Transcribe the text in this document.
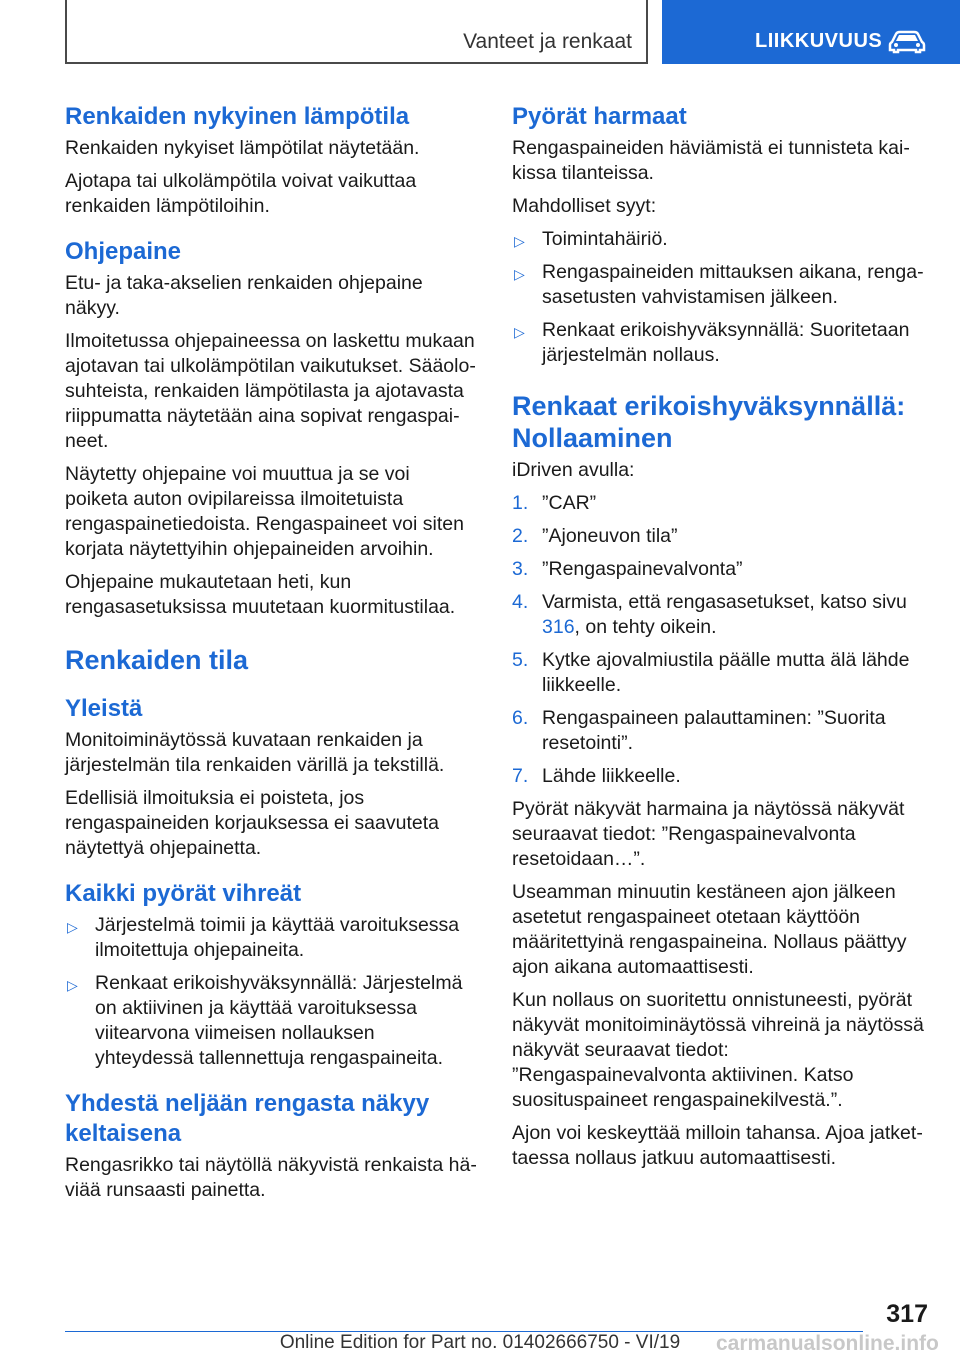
Vanteet ja renkaat	LIIKKUVUUS
Renkaiden nykyinen lämpötila

Renkaiden nykyiset lämpötilat näytetään.

Ajotapa tai ulkolämpötila voivat vaikuttaa renkaiden lämpötiloihin.

Ohjepaine

Etu- ja taka-akselien renkaiden ohjepaine näkyy.

Ilmoitetussa ohjepaineessa on laskettu mukaan ajotavan tai ulkolämpötilan vaikutukset. Sääolosuhteista, renkaiden lämpötilasta ja ajotavasta riippumatta näytetään aina sopivat rengaspaineet.

Näytetty ohjepaine voi muuttua ja se voi poiketa auton ovipilareissa ilmoitetuista rengaspainetiedoista. Rengaspaineet voi siten korjata näytettyihin ohjepaineiden arvoihin.

Ohjepaine mukautetaan heti, kun rengasasetuksissa muutetaan kuormitustilaa.

Renkaiden tila
Yleistä

Monitoiminäytössä kuvataan renkaiden ja järjestelmän tila renkaiden värillä ja tekstillä.

Edellisiä ilmoituksia ei poisteta, jos rengaspaineiden korjauksessa ei saavuteta näytettyä ohjepainetta.

Kaikki pyörät vihreät
▷ Järjestelmä toimii ja käyttää varoituksessa ilmoitettuja ohjepaineita.
▷ Renkaat erikoishyväksynnällä: Järjestelmä on aktiivinen ja käyttää varoituksessa viitearvona viimeisen nollauksen yhteydessä tallennettuja rengaspaineita.
Yhdestä neljään rengasta näkyy keltaisena

Rengasrikko tai näytöllä näkyvistä renkaista häviää runsaasti painetta.

Pyörät harmaat

Rengaspaineiden häviämistä ei tunnisteta kaikissa tilanteissa.

Mahdolliset syyt:

▷ Toimintahäiriö.
▷ Rengaspaineiden mittauksen aikana, rengasasetusten vahvistamisen jälkeen.
▷ Renkaat erikoishyväksynnällä: Suoritetaan järjestelmän nollaus.
Renkaat erikoishyväksynnällä: Nollaaminen

iDriven avulla:

1. ”CAR”
2. ”Ajoneuvon tila”
3. ”Rengaspainevalvonta”
4. Varmista, että rengasasetukset, katso sivu 316, on tehty oikein.
5. Kytke ajovalmiustila päälle mutta älä lähde liikkeelle.
6. Rengaspaineen palauttaminen: ”Suorita resetointi”.
7. Lähde liikkeelle.

Pyörät näkyvät harmaina ja näytössä näkyvät seuraavat tiedot: ”Rengaspainevalvonta resetoidaan…”.

Useamman minuutin kestäneen ajon jälkeen asetetut rengaspaineet otetaan käyttöön määritettyinä rengaspaineina. Nollaus päättyy ajon aikana automaattisesti.

Kun nollaus on suoritettu onnistuneesti, pyörät näkyvät monitoiminäytössä vihreinä ja näytössä näkyvät seuraavat tiedot: ”Rengaspainevalvonta aktiivinen. Katso suosituspaineet rengaspainekilvestä.”.

Ajon voi keskeyttää milloin tahansa. Ajoa jatkettaessa nollaus jatkuu automaattisesti.

317
Online Edition for Part no. 01402666750 - VI/19	carmanualsonline.info
